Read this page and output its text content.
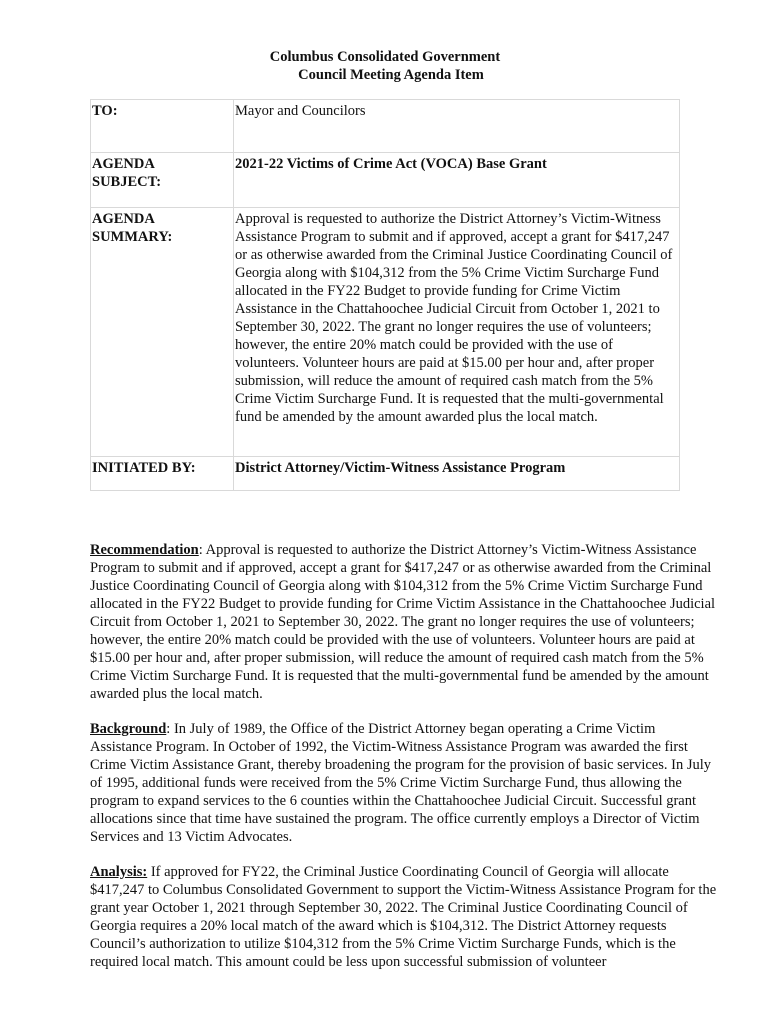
Columbus Consolidated Government
Council Meeting Agenda Item
TO:	Mayor and Councilors

AGENDA
SUBJECT:	2021-22 Victims of Crime Act (VOCA) Base Grant

AGENDA
SUMMARY:	Approval is requested to authorize the District Attorney’s Victim-Witness Assistance Program to submit and if approved, accept a grant for $417,247 or as otherwise awarded from the Criminal Justice Coordinating Council of Georgia along with $104,312 from the 5% Crime Victim Surcharge Fund allocated in the FY22 Budget to provide funding for Crime Victim Assistance in the Chattahoochee Judicial Circuit from October 1, 2021 to September 30, 2022. The grant no longer requires the use of volunteers; however, the entire 20% match could be provided with the use of volunteers. Volunteer hours are paid at $15.00 per hour and, after proper submission, will reduce the amount of required cash match from the 5% Crime Victim Surcharge Fund. It is requested that the multi-governmental fund be amended by the amount awarded plus the local match.
INITIATED BY:	District Attorney/Victim-Witness Assistance Program

Recommendation: Approval is requested to authorize the District Attorney’s Victim-Witness Assistance Program to submit and if approved, accept a grant for $417,247 or as otherwise awarded from the Criminal Justice Coordinating Council of Georgia along with $104,312 from the 5% Crime Victim Surcharge Fund allocated in the FY22 Budget to provide funding for Crime Victim Assistance in the Chattahoochee Judicial Circuit from October 1, 2021 to September 30, 2022. The grant no longer requires the use of volunteers; however, the entire 20% match could be provided with the use of volunteers. Volunteer hours are paid at $15.00 per hour and, after proper submission, will reduce the amount of required cash match from the 5% Crime Victim Surcharge Fund. It is requested that the multi-governmental fund be amended by the amount awarded plus the local match.

Background: In July of 1989, the Office of the District Attorney began operating a Crime Victim Assistance Program. In October of 1992, the Victim-Witness Assistance Program was awarded the first Crime Victim Assistance Grant, thereby broadening the program for the provision of basic services. In July of 1995, additional funds were received from the 5% Crime Victim Surcharge Fund, thus allowing the program to expand services to the 6 counties within the Chattahoochee Judicial Circuit. Successful grant allocations since that time have sustained the program. The office currently employs a Director of Victim Services and 13 Victim Advocates.

Analysis: If approved for FY22, the Criminal Justice Coordinating Council of Georgia will allocate $417,247 to Columbus Consolidated Government to support the Victim-Witness Assistance Program for the grant year October 1, 2021 through September 30, 2022. The Criminal Justice Coordinating Council of Georgia requires a 20% local match of the award which is $104,312. The District Attorney requests Council’s authorization to utilize $104,312 from the 5% Crime Victim Surcharge Funds, which is the required local match. This amount could be less upon successful submission of volunteer
